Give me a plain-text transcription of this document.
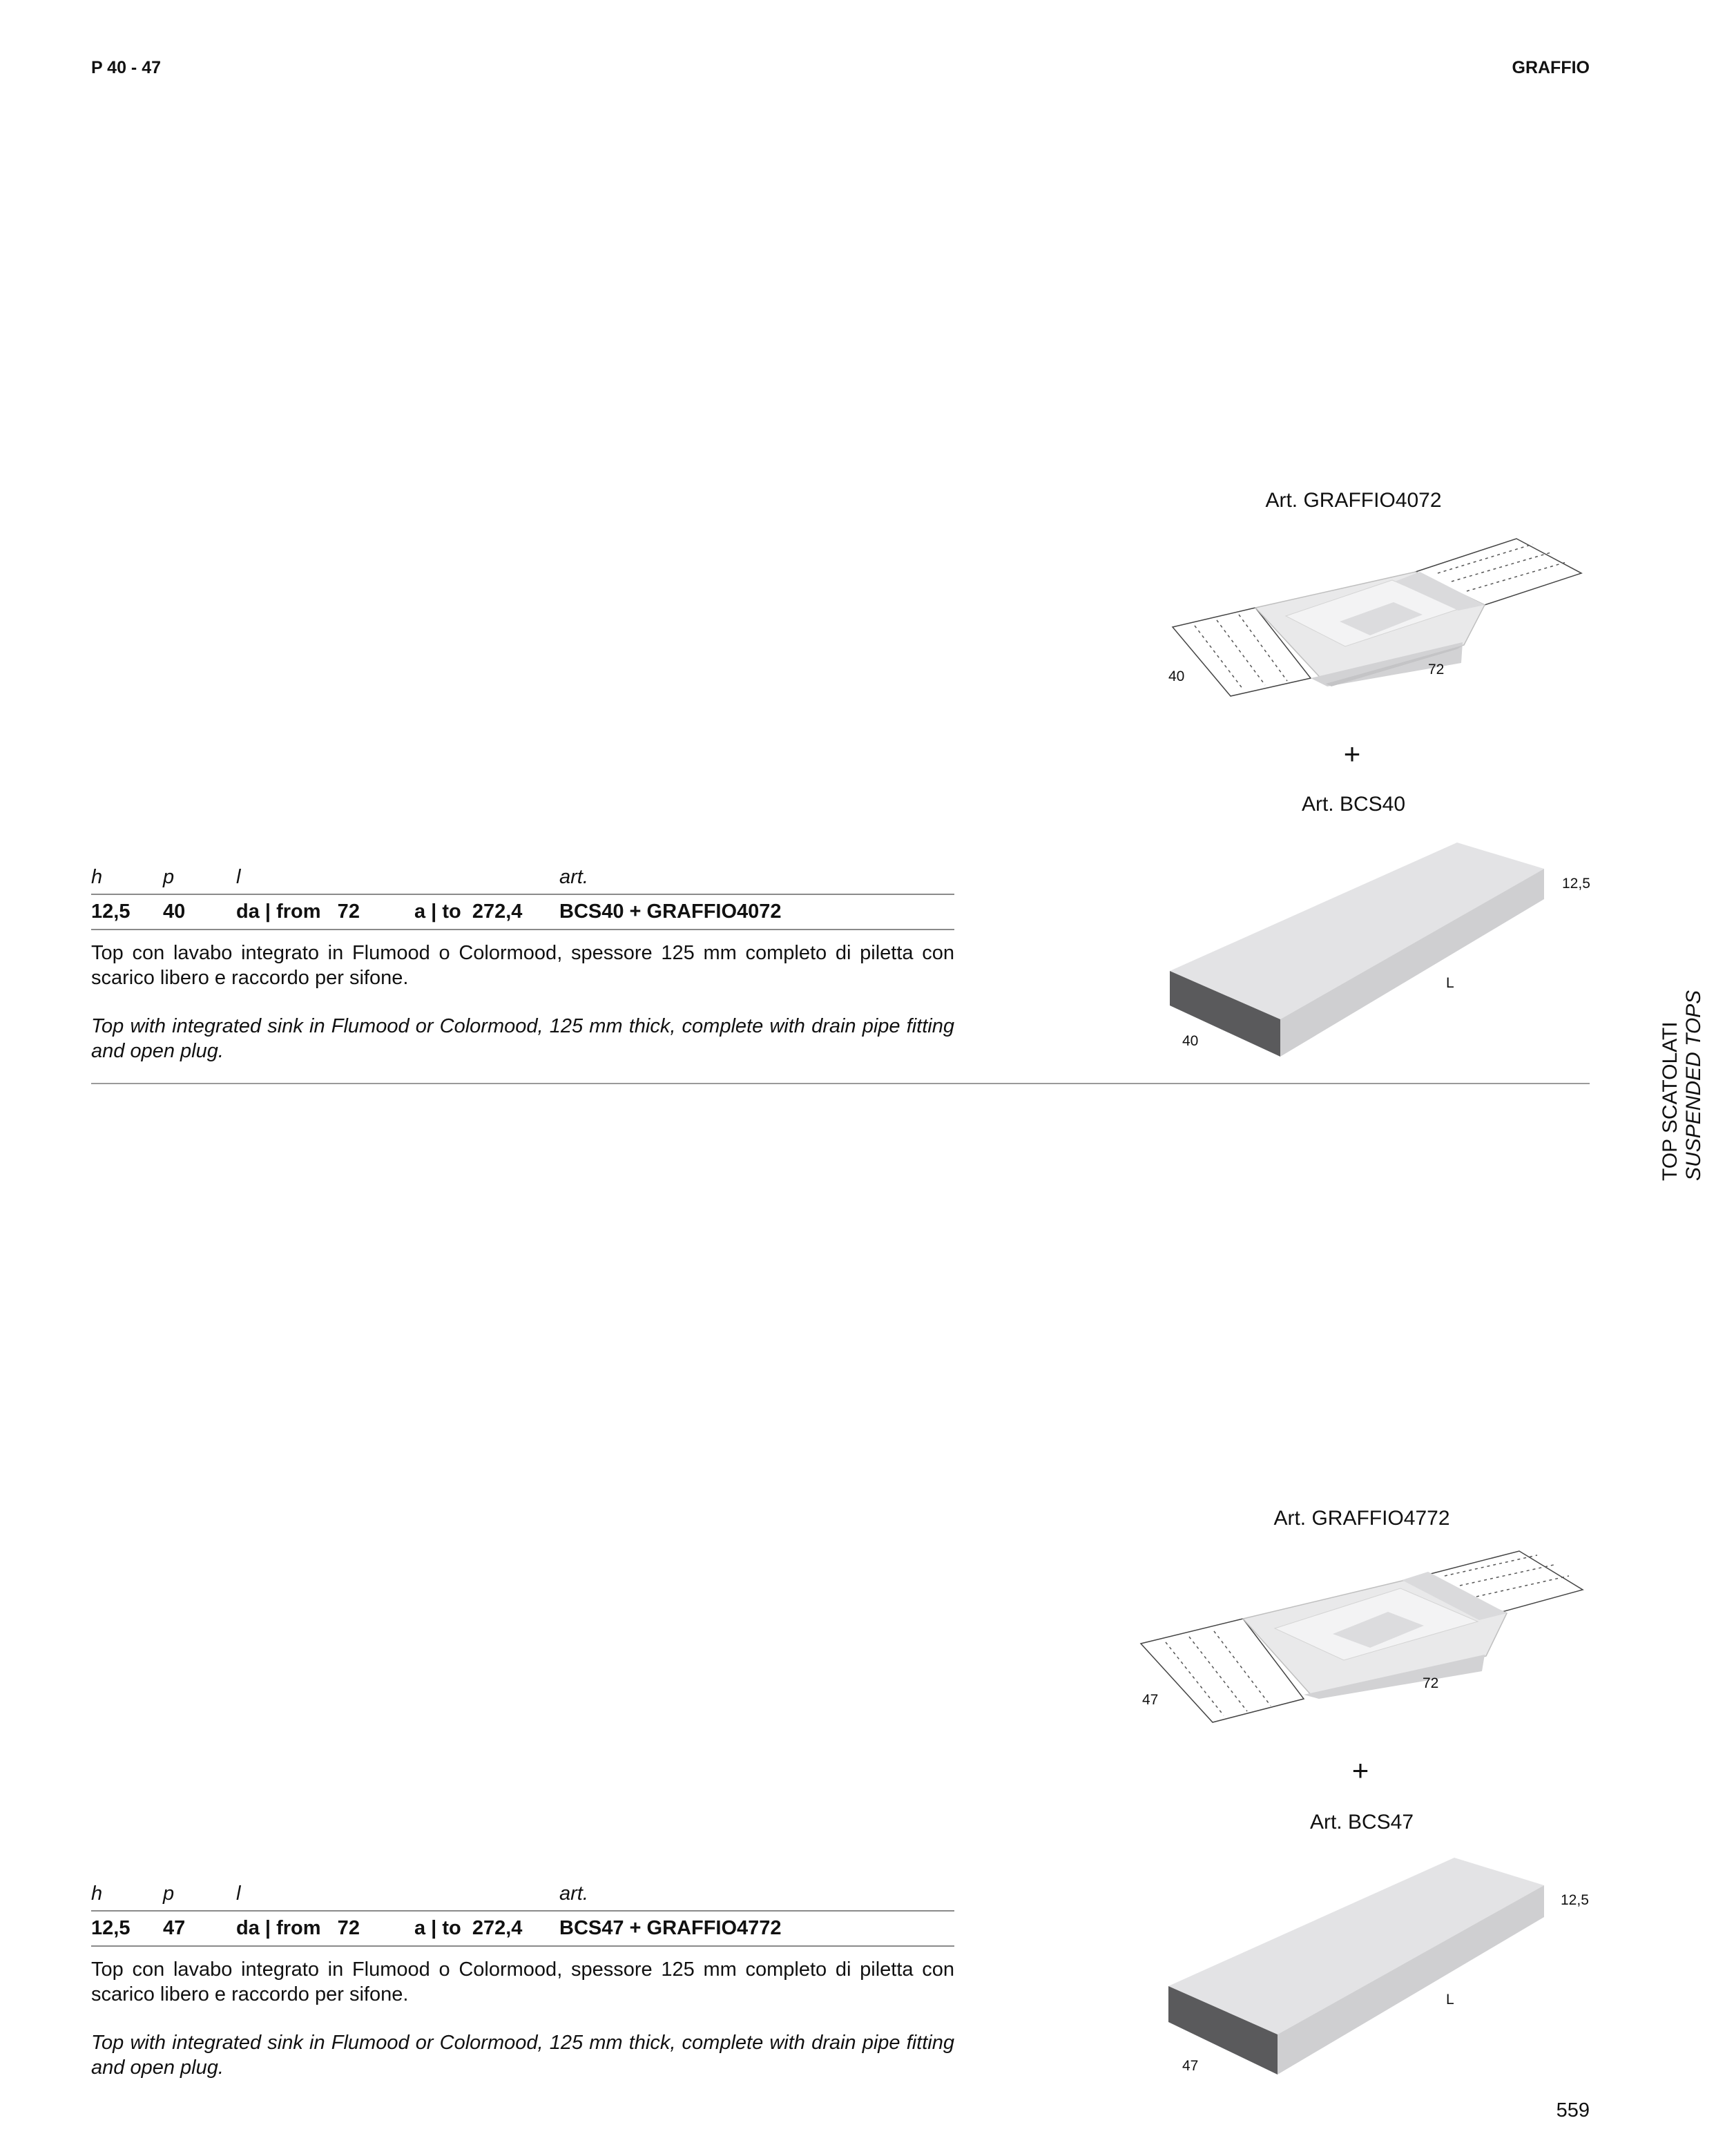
P 40 - 47	GRAFFIO
TOP SCATOLATI SUSPENDED TOPS
Art. GRAFFIO4072
40	72
+
Art. BCS40
12,5
L
40
h	p	l		art.
12,5	40	da | from   72	a | to  272,4	BCS40 + GRAFFIO4072
Top con lavabo integrato in Flumood o Colormood, spessore 125 mm completo di piletta con scarico libero e raccordo per sifone.
Top with integrated sink in Flumood or Colormood, 125 mm thick, complete with drain pipe fitting and open plug.
Art. GRAFFIO4772
47
72
+
Art. BCS47
12,5
L
47
h	p	l		art.
12,5	47	da | from   72	a | to  272,4	BCS47 + GRAFFIO4772
Top con lavabo integrato in Flumood o Colormood, spessore 125 mm completo di piletta con scarico libero e raccordo per sifone.
Top with integrated sink in Flumood or Colormood, 125 mm thick, complete with drain pipe fitting and open plug.
559
